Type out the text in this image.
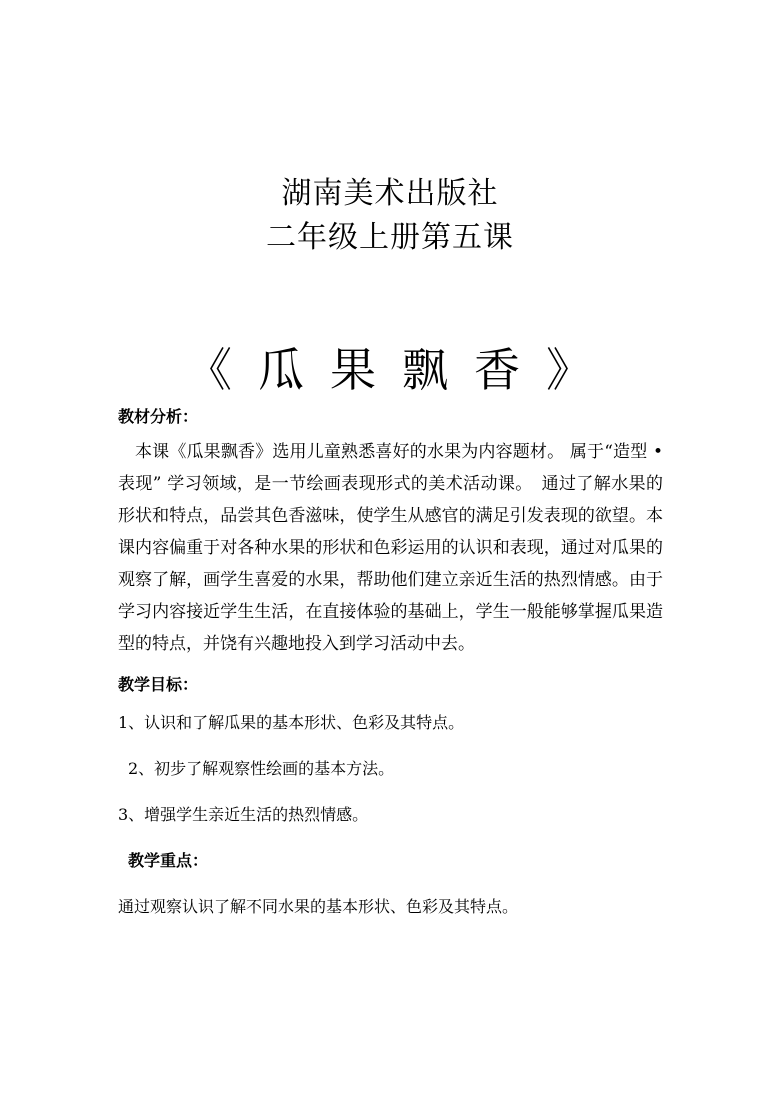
湖南美术出版社
二年级上册第五课
《 瓜 果 飘 香 》
教材分析：
本课《瓜果飘香》选用儿童熟悉喜好的水果为内容题材。 属于“造型 • 表现” 学习领域，是一节绘画表现形式的美术活动课。　通过了解水果的形状和特点，品尝其色香滋味，使学生从感官的满足引发表现的欲望。本课内容偏重于对各种水果的形状和色彩运用的认识和表现，通过对瓜果的观察了解，画学生喜爱的水果，帮助他们建立亲近生活的热烈情感。由于学习内容接近学生生活，在直接体验的基础上，学生一般能够掌握瓜果造型的特点，并饶有兴趣地投入到学习活动中去。
教学目标：
1、认识和了解瓜果的基本形状、色彩及其特点。
2、初步了解观察性绘画的基本方法。
3、增强学生亲近生活的热烈情感。
教学重点：
通过观察认识了解不同水果的基本形状、色彩及其特点。
